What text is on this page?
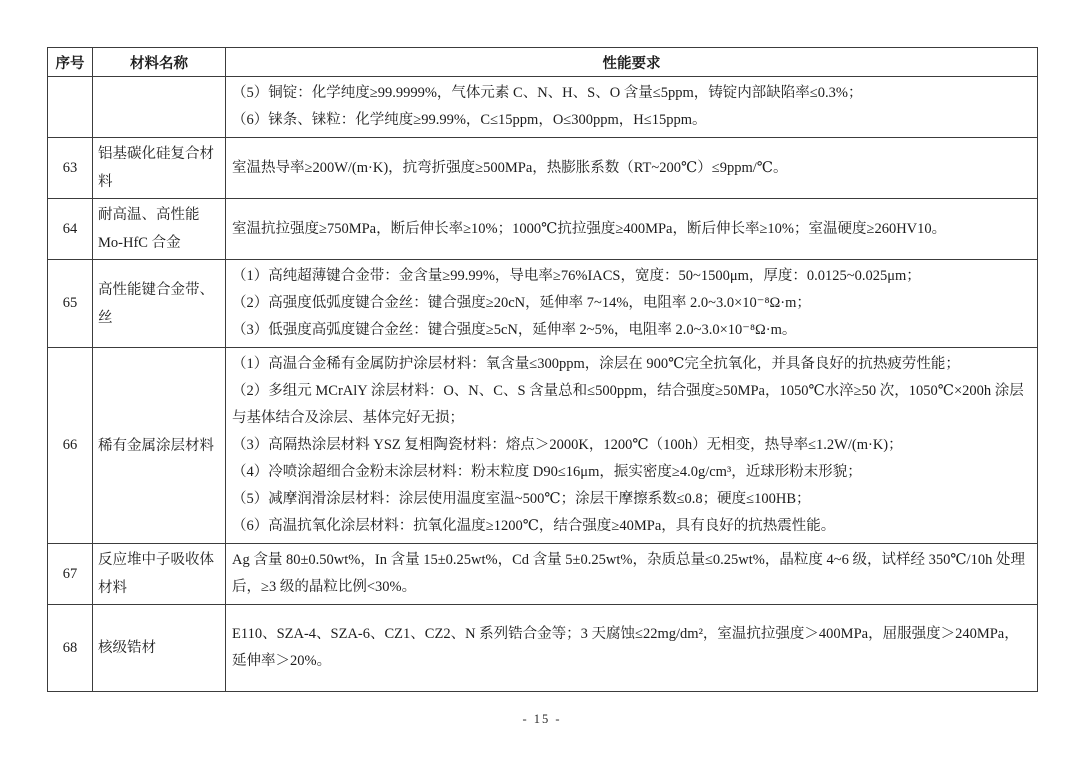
序号	材料名称	性能要求

		（5）铜锭：化学纯度≥99.9999%，气体元素 C、N、H、S、O 含量≤5ppm，铸锭内部缺陷率≤0.3%；
（6）铼条、铼粒：化学纯度≥99.99%，C≤15ppm，O≤300ppm，H≤15ppm。

63	铝基碳化硅复合材料	室温热导率≥200W/(m·K)，抗弯折强度≥500MPa，热膨胀系数（RT~200℃）≤9ppm/℃。

64	耐高温、高性能 Mo-HfC 合金	室温抗拉强度≥750MPa，断后伸长率≥10%；1000℃抗拉强度≥400MPa，断后伸长率≥10%；室温硬度≥260HV10。

65	高性能键合金带、丝	（1）高纯超薄键合金带：金含量≥99.99%，导电率≥76%IACS，宽度：50~1500μm，厚度：0.0125~0.025μm；
（2）高强度低弧度键合金丝：键合强度≥20cN，延伸率 7~14%，电阻率 2.0~3.0×10⁻⁸Ω·m；
（3）低强度高弧度键合金丝：键合强度≥5cN，延伸率 2~5%，电阻率 2.0~3.0×10⁻⁸Ω·m。

66	稀有金属涂层材料	
（1）高温合金稀有金属防护涂层材料：氧含量≤300ppm，涂层在 900℃完全抗氧化，并具备良好的抗热疲劳性能；
（2）多组元 MCrAlY 涂层材料：O、N、C、S 含量总和≤500ppm，结合强度≥50MPa，1050℃水淬≥50 次，1050℃×200h 涂层与基体结合及涂层、基体完好无损；
（3）高隔热涂层材料 YSZ 复相陶瓷材料：熔点＞2000K，1200℃（100h）无相变，热导率≤1.2W/(m·K)；
（4）冷喷涂超细合金粉末涂层材料：粉末粒度 D90≤16μm，振实密度≥4.0g/cm³，近球形粉末形貌；
（5）减摩润滑涂层材料：涂层使用温度室温~500℃；涂层干摩擦系数≤0.8；硬度≤100HB；
（6）高温抗氧化涂层材料：抗氧化温度≥1200℃，结合强度≥40MPa，具有良好的抗热震性能。

67	反应堆中子吸收体材料	Ag 含量 80±0.50wt%，In 含量 15±0.25wt%，Cd 含量 5±0.25wt%，杂质总量≤0.25wt%，晶粒度 4~6 级，试样经 350℃/10h 处理后，≥3 级的晶粒比例<30%。

68	核级锆材	E110、SZA-4、SZA-6、CZ1、CZ2、N 系列锆合金等；3 天腐蚀≤22mg/dm²，室温抗拉强度＞400MPa，屈服强度＞240MPa，延伸率＞20%。
- 15 -
